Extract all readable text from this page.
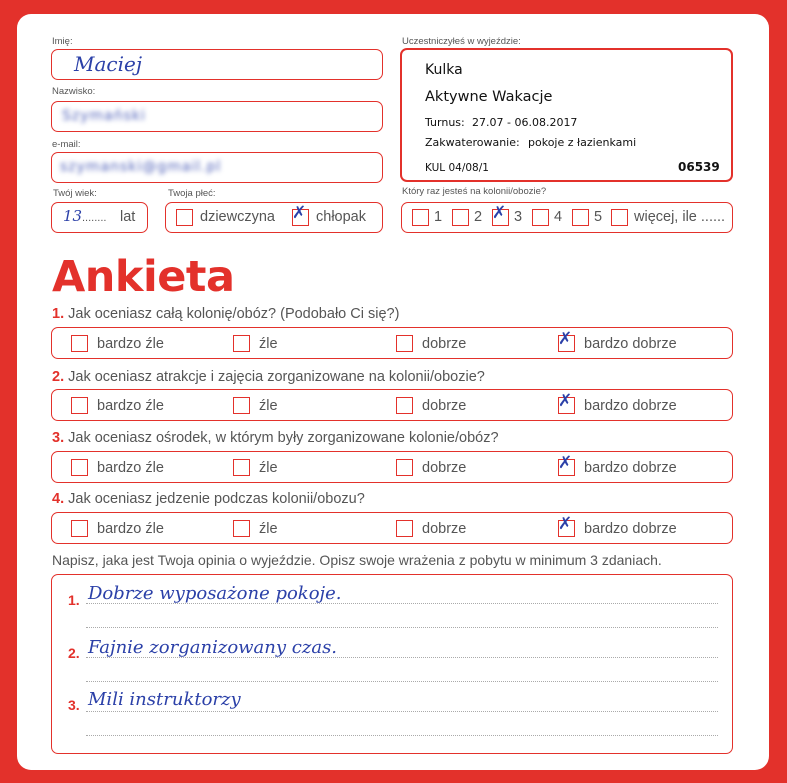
Imię:
Maciej
Nazwisko:
Szymański
e-mail:
szymanski@gmail.pl
Twój wiek:
13 ........ lat
Twoja płeć:
dziewczyna ✗ chłopak
Uczestniczyłeś w wyjeździe:
Kulka
Aktywne Wakacje
Turnus: 27.07 - 06.08.2017
Zakwaterowanie: pokoje z łazienkami
KUL 04/08/1	06539
Który raz jesteś na kolonii/obozie?
1 2 ✗ 3 4 5 więcej, ile ......
Ankieta
1. Jak oceniasz całą kolonię/obóz? (Podobało Ci się?)
bardzo źle	źle	dobrze	✗ bardzo dobrze
2. Jak oceniasz atrakcje i zajęcia zorganizowane na kolonii/obozie?
bardzo źle	źle	dobrze	✗ bardzo dobrze
3. Jak oceniasz ośrodek, w którym były zorganizowane kolonie/obóz?
bardzo źle	źle	dobrze	✗ bardzo dobrze
4. Jak oceniasz jedzenie podczas kolonii/obozu?
bardzo źle	źle	dobrze	✗ bardzo dobrze
Napisz, jaka jest Twoja opinia o wyjeździe. Opisz swoje wrażenia z pobytu w minimum 3 zdaniach.
1. Dobrze wyposażone pokoje.
2. Fajnie zorganizowany czas.
3. Mili instruktorzy
